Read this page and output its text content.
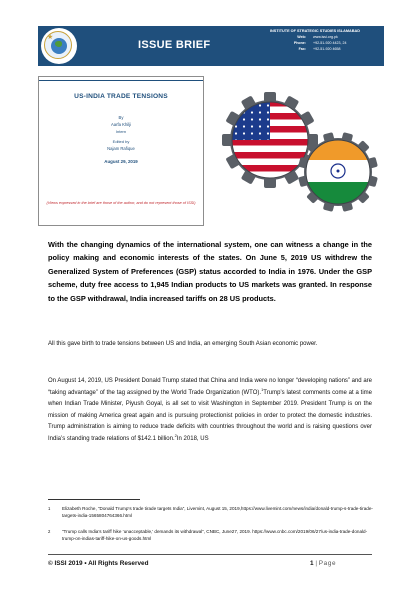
★
ISSUE BRIEF
INSTITUTE OF STRATEGIC STUDIES ISLAMABAD
Web: www.issi.org.pk
Phone: +92-51-920 4423, 24
Fax: +92-51-920 4658
US-INDIA TRADE TENSIONS
By
Aarfa Khilji
Intern
Edited by
Najam Rafique
August 29, 2019
(Views expressed in the brief are those of the author, and do not represent those of ISSI)

With the changing dynamics of the international system, one can witness a change in the policy making and economic interests of the states. On June 5, 2019 US withdrew the Generalized System of Preferences (GSP) status accorded to India in 1976. Under the GSP scheme, duty free access to 1,945 Indian products to US markets was granted. In response to the GSP withdrawal, India increased tariffs on 28 US products.

All this gave birth to trade tensions between US and India, an emerging South Asian economic power.

On August 14, 2019, US President Donald Trump stated that China and India were no longer “developing nations” and are “taking advantage” of the tag assigned by the World Trade Organization (WTO).$^1$Trump’s latest comments come at a time when Indian Trade Minister, Piyush Goyal, is all set to visit Washington in September 2019. President Trump is on the mission of making America great again and is pursuing protectionist policies in order to protect the domestic industries. Trump administration is aiming to reduce trade deficits with countries throughout the world and is raising questions over India’s standing trade relations of $142.1 billion.$^2$In 2018, US

1	Elizabeth Roche, “Donald Trump’s trade tirade targets India”, Livemint, August 15, 2019,https://www.livemint.com/news/india/donald-trump-s-trade-tirade-targets-india-1565804764366.html

2	“Trump calls India’s tariff hike ‘unacceptable,’ demands its withdrawal”, CNBC, June27, 2019. https://www.cnbc.com/2019/06/27/us-india-trade-donald-trump-on-indias-tariff-hike-on-us-goods.html

© ISSI 2019 • All Rights Reserved	1 | Page
